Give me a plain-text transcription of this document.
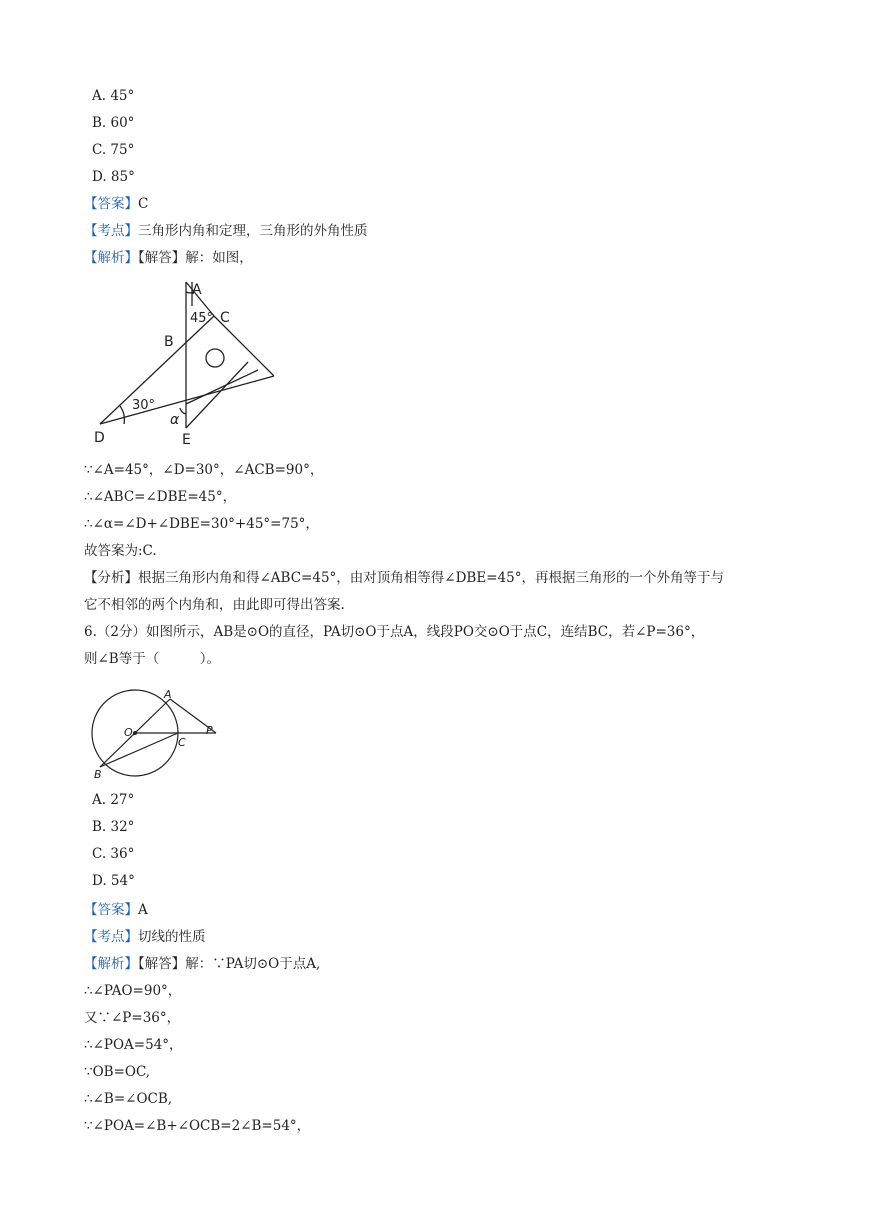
A. 45°
B. 60°
C. 75°
D. 85°
【答案】C
【考点】三角形内角和定理，三角形的外角性质
【解析】【解答】解：如图，
A
45° C
B
30°
α
D	E
∵∠A=45°，∠D=30°，∠ACB=90°，
∴∠ABC=∠DBE=45°，
∴∠α=∠D+∠DBE=30°+45°=75°，
故答案为:C.
【分析】根据三角形内角和得∠ABC=45°，由对顶角相等得∠DBE=45°，再根据三角形的一个外角等于与
它不相邻的两个内角和，由此即可得出答案.
6.（2分）如图所示，AB是⊙O的直径，PA切⊙O于点A，线段PO交⊙O于点C，连结BC，若∠P=36°，
则∠B等于（　　　）。
A
O
C
P
B
A. 27°
B. 32°
C. 36°
D. 54°
【答案】A
【考点】切线的性质
【解析】【解答】解：∵PA切⊙O于点A,
∴∠PAO=90°，
又∵∠P=36°，
∴∠POA=54°，
∵OB=OC,
∴∠B=∠OCB,
∵∠POA=∠B+∠OCB=2∠B=54°，
